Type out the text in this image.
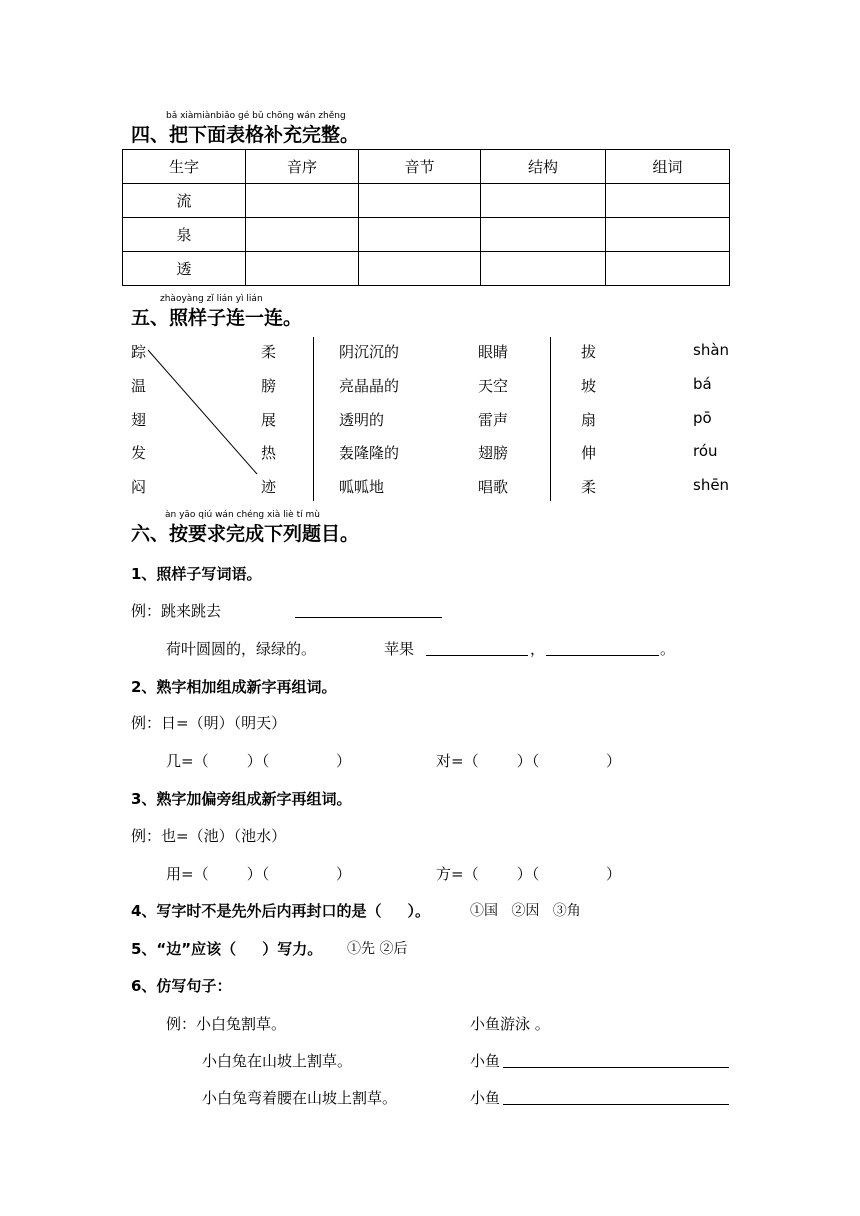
bǎ xiàmiànbiǎo gé bǔ chōng wán zhěng
四、把下面表格补充完整。
生字	音序	音节	结构	组词
流				
泉				
透				
zhàoyàng zǐ lián yì lián
五、照样子连一连。
踪
温
翅
发
闷
柔
膀
展
热
迹
阴沉沉的
亮晶晶的
透明的
轰隆隆的
呱呱地
眼睛
天空
雷声
翅膀
唱歌
拔
坡
扇
伸
柔
shàn
bá
pō
róu
shēn
àn yāo qiú wán chéng xià liè tí mù
六、按要求完成下列题目。
1、照样子写词语。
例：跳来跳去
荷叶圆圆的，绿绿的。	苹果	，	。
2、熟字相加组成新字再组词。
例：日=（明）（明天）
几=（        ）（              ）	对=（        ）（              ）
3、熟字加偏旁组成新字再组词。
例：也=（池）（池水）
用=（        ）（              ）	方=（        ）（              ）
4、写字时不是先外后内再封口的是（     ）。	①国   ②因   ③角
5、“边”应该（     ）写力。 ①先 ②后
6、仿写句子：
例：小白兔割草。
小白兔在山坡上割草。
小白兔弯着腰在山坡上割草。
小鱼游泳 。
小鱼
小鱼
